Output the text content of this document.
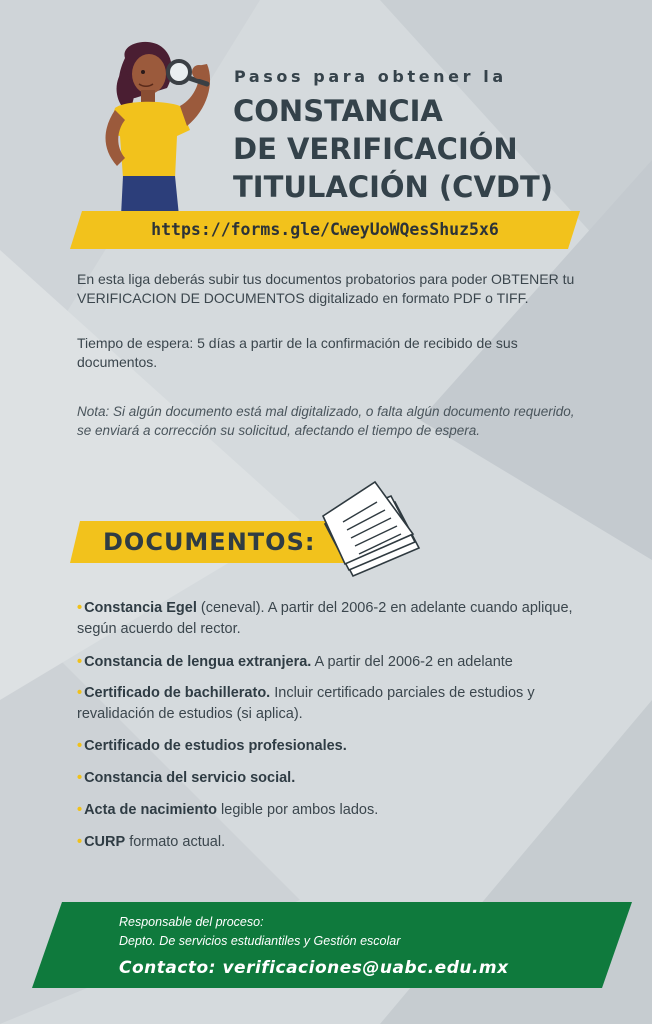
Pasos para obtener la
CONSTANCIA
DE VERIFICACIÓN
TITULACIÓN (CVDT)
https://forms.gle/CweyUoWQesShuz5x6
En esta liga deberás subir tus documentos probatorios para poder OBTENER tu VERIFICACION DE DOCUMENTOS digitalizado en formato PDF o TIFF.
Tiempo de espera: 5 días a partir de la confirmación de recibido de sus documentos.
Nota: Si algún documento está mal digitalizado, o falta algún documento requerido, se enviará a corrección su solicitud, afectando el tiempo de espera.
DOCUMENTOS:
• Constancia Egel (ceneval). A partir del 2006-2 en adelante cuando aplique, según acuerdo del rector.
• Constancia de lengua extranjera. A partir del 2006-2 en adelante
• Certificado de bachillerato. Incluir certificado parciales de estudios y revalidación de estudios (si aplica).
• Certificado de estudios profesionales.
• Constancia del servicio social.
• Acta de nacimiento legible por ambos lados.
• CURP formato actual.
Responsable del proceso:
Depto. De servicios estudiantiles y Gestión escolar
Contacto: verificaciones@uabc.edu.mx
